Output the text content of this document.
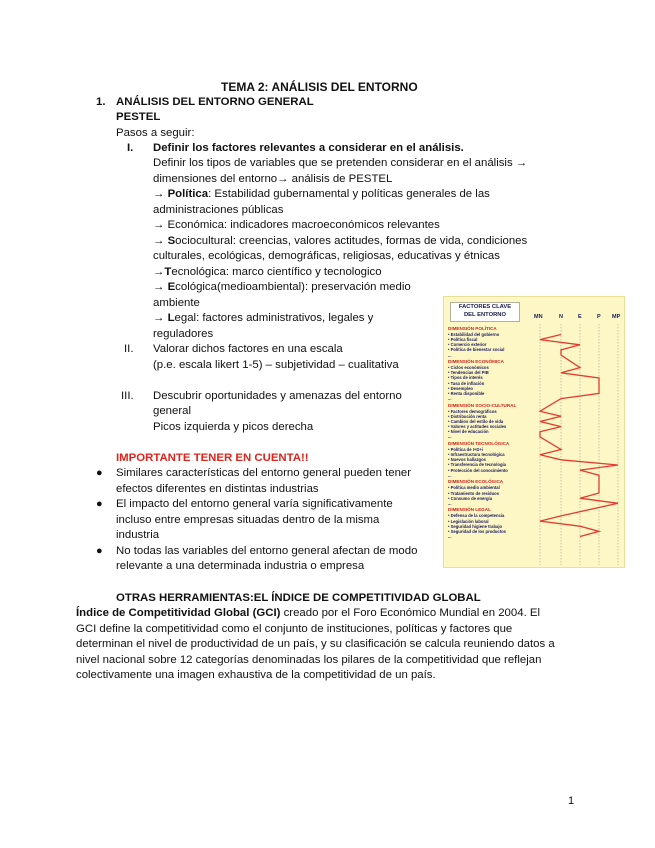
TEMA 2: ANÁLISIS DEL ENTORNO
1. ANÁLISIS DEL ENTORNO GENERAL
PESTEL
Pasos a seguir:
I. Definir los factores relevantes a considerar en el análisis.
Definir los tipos de variables que se pretenden considerar en el análisis →
dimensiones del entorno→ análisis de PESTEL
→ Política: Estabilidad gubernamental y políticas generales de las
administraciones públicas
→ Económica: indicadores macroeconómicos relevantes
→ Sociocultural: creencias, valores actitudes, formas de vida, condiciones
culturales, ecológicas, demográficas, religiosas, educativas y étnicas
→Tecnológica: marco científico y tecnologico
→ Ecológica(medioambiental): preservación medio
ambiente
→ Legal: factores administrativos, legales y
reguladores
II. Valorar dichos factores en una escala
(p.e. escala likert 1-5) – subjetividad – cualitativa
III. Descubrir oportunidades y amenazas del entorno
general
Picos izquierda y picos derecha
IMPORTANTE TENER EN CUENTA!!
● Similares características del entorno general pueden tener
efectos diferentes en distintas industrias
● El impacto del entorno general varía significativamente
incluso entre empresas situadas dentro de la misma
industria
● No todas las variables del entorno general afectan de modo
relevante a una determinada industria o empresa
OTRAS HERRAMIENTAS:EL ÍNDICE DE COMPETITIVIDAD GLOBAL
Índice de Competitividad Global (GCI) creado por el Foro Económico Mundial en 2004. El
GCI define la competitividad como el conjunto de instituciones, políticas y factores que
determinan el nivel de productividad de un país, y su clasificación se calcula reuniendo datos a
nivel nacional sobre 12 categorías denominadas los pilares de la competitividad que reflejan
colectivamente una imagen exhaustiva de la competitividad de un país.
FACTORES CLAVE
DEL ENTORNO	MN	N	E	P MP
DIMENSIÓN POLÍTICA
• Estabilidad del gobierno
• Política fiscal
• Comercio exterior
• Política de bienestar social
...
DIMENSIÓN ECONÓMICA
• Ciclos económicos
• Tendencias del PIB
• Tipos de interés
• Tasa de inflación
• Desempleo
• Renta disponible
...
DIMENSIÓN SOCIO-CULTURAL
• Factores demográficos
• Distribución renta
• Cambios del estilo de vida
• Valores y actitudes sociales
• Nivel de educación
...
DIMENSIÓN TECNOLÓGICA
• Política de I+D+i
• Infraestructura tecnológica
• Nuevos hallazgos
• Transferencia de tecnología
• Protección del conocimiento
...
DIMENSIÓN ECOLÓGICA
• Política medio ambiental
• Tratamiento de residuos
• Consumo de energía
...
DIMENSIÓN LEGAL
• Defensa de la competencia
• Legislación laboral
• Seguridad higiene trabajo
• Seguridad de los productos
...
1
